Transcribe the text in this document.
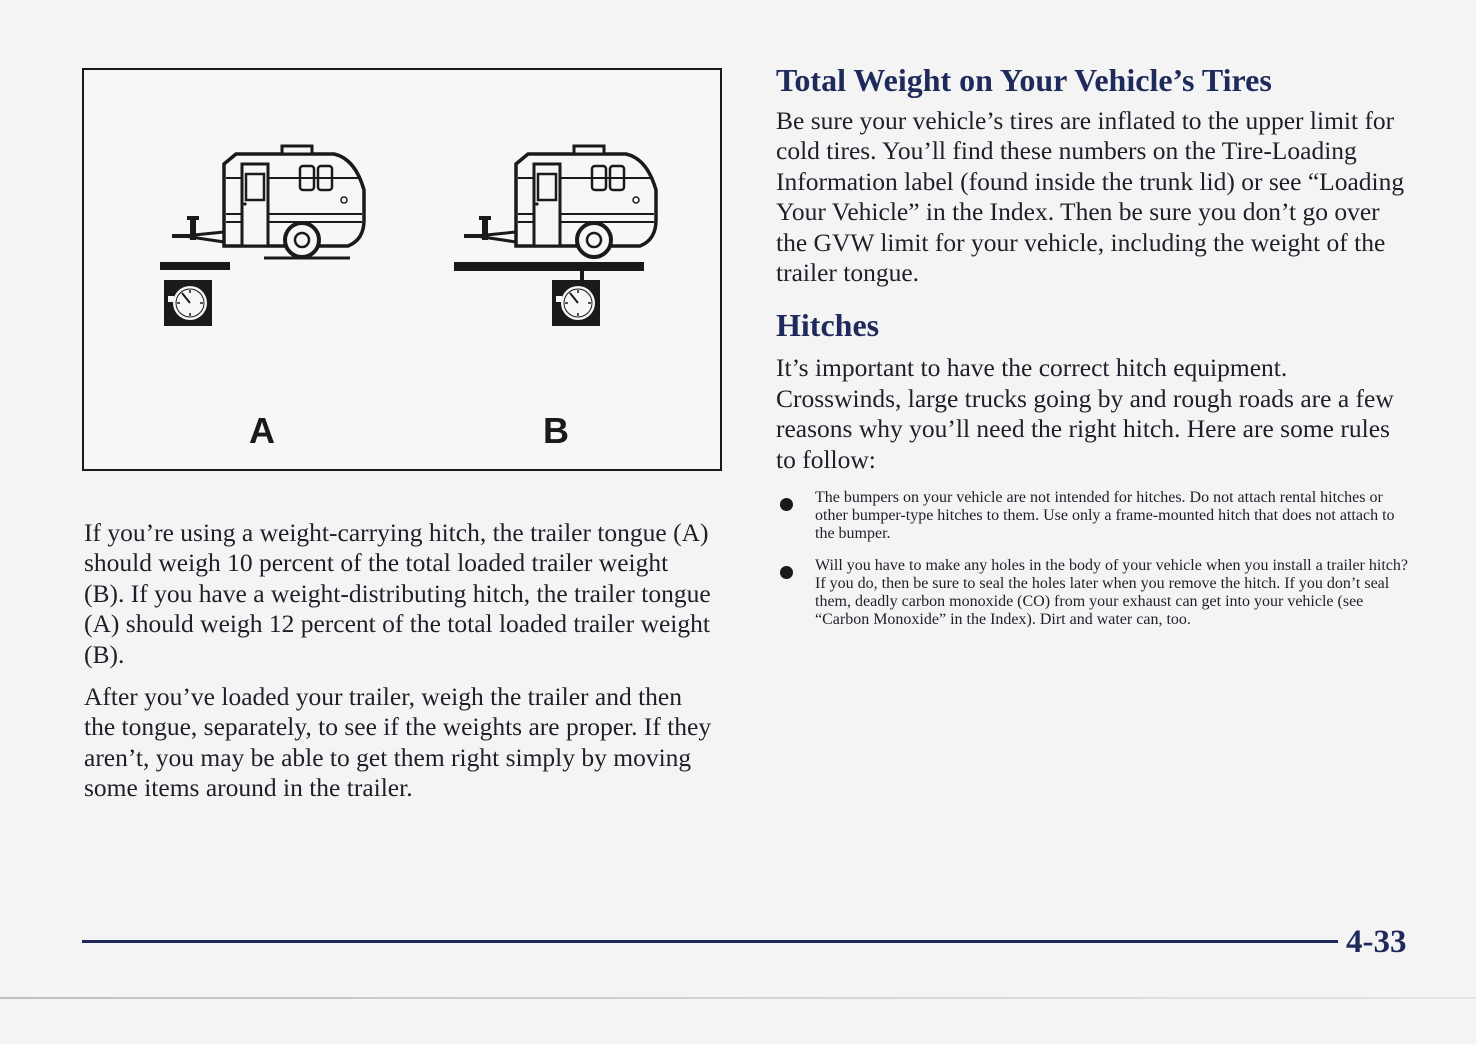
A	B

If you’re using a weight-carrying hitch, the trailer tongue (A) should weigh 10 percent of the total loaded trailer weight (B). If you have a weight-distributing hitch, the trailer tongue (A) should weigh 12 percent of the total loaded trailer weight (B).

After you’ve loaded your trailer, weigh the trailer and then the tongue, separately, to see if the weights are proper. If they aren’t, you may be able to get them right simply by moving some items around in the trailer.

Total Weight on Your Vehicle’s Tires

Be sure your vehicle’s tires are inflated to the upper limit for cold tires. You’ll find these numbers on the Tire-Loading Information label (found inside the trunk lid) or see “Loading Your Vehicle” in the Index. Then be sure you don’t go over the GVW limit for your vehicle, including the weight of the trailer tongue.

Hitches

It’s important to have the correct hitch equipment. Crosswinds, large trucks going by and rough roads are a few reasons why you’ll need the right hitch. Here are some rules to follow:

The bumpers on your vehicle are not intended for hitches. Do not attach rental hitches or other bumper-type hitches to them. Use only a frame-mounted hitch that does not attach to the bumper.
Will you have to make any holes in the body of your vehicle when you install a trailer hitch? If you do, then be sure to seal the holes later when you remove the hitch. If you don’t seal them, deadly carbon monoxide (CO) from your exhaust can get into your vehicle (see “Carbon Monoxide” in the Index). Dirt and water can, too.
4-33
